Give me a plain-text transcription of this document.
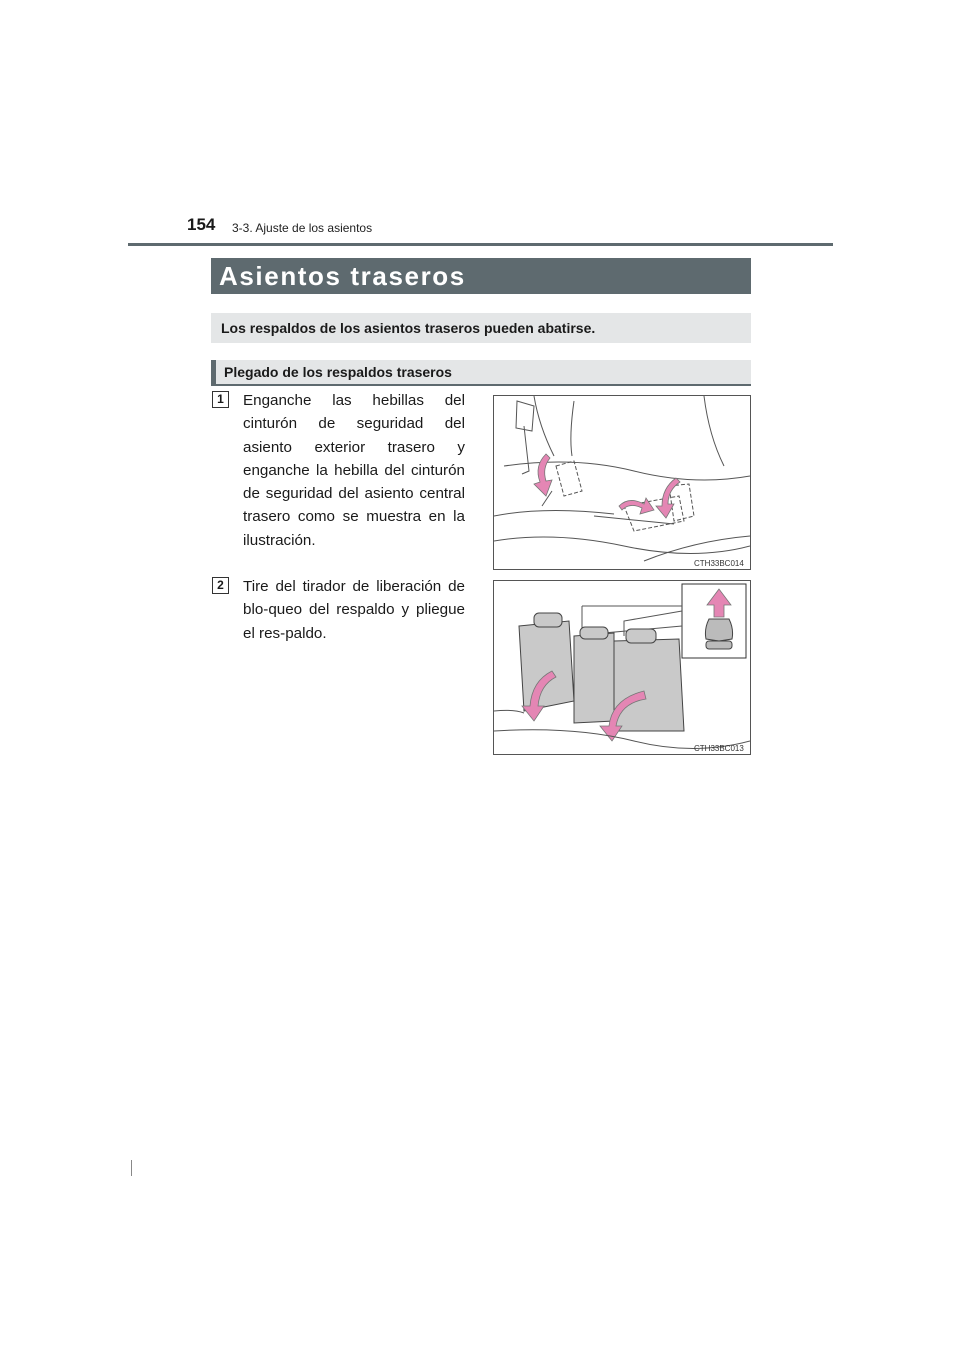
154 3-3. Ajuste de los asientos
Asientos traseros
Los respaldos de los asientos traseros pueden abatirse.
Plegado de los respaldos traseros
1	Enganche las hebillas del cinturón de seguridad del asiento exterior trasero y enganche la hebilla del cinturón de seguridad del asiento central trasero como se muestra en la ilustración.
CTH33BC014
2	Tire del tirador de liberación de blo-queo del respaldo y pliegue el res-paldo.
CTH33BC013
